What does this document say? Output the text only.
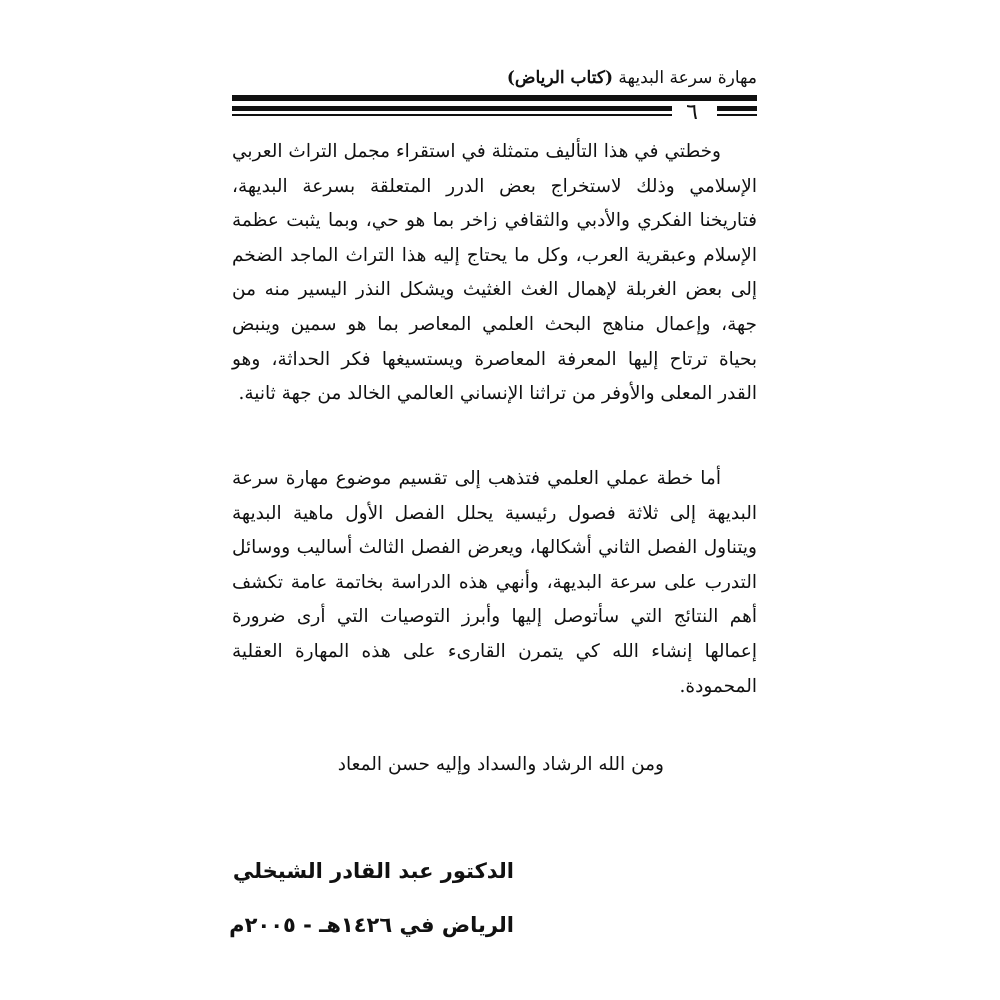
مهارة سرعة البديهة (كتاب الرياض)
٦

وخطتي في هذا التأليف متمثلة في استقراء مجمل التراث العربي الإسلامي وذلك لاستخراج بعض الدرر المتعلقة بسرعة البديهة، فتاريخنا الفكري والأدبي والثقافي زاخر بما هو حي، وبما يثبت عظمة الإسلام وعبقرية العرب، وكل ما يحتاج إليه هذا التراث الماجد الضخم إلى بعض الغربلة لإهمال الغث الغثيث ويشكل النذر اليسير منه من جهة، وإعمال مناهج البحث العلمي المعاصر بما هو سمين وينبض بحياة ترتاح إليها المعرفة المعاصرة ويستسيغها فكر الحداثة، وهو القدر المعلى والأوفر من تراثنا الإنساني العالمي الخالد من جهة ثانية.

أما خطة عملي العلمي فتذهب إلى تقسيم موضوع مهارة سرعة البديهة إلى ثلاثة فصول رئيسية يحلل الفصل الأول ماهية البديهة ويتناول الفصل الثاني أشكالها، ويعرض الفصل الثالث أساليب ووسائل التدرب على سرعة البديهة، وأنهي هذه الدراسة بخاتمة عامة تكشف أهم النتائج التي سأتوصل إليها وأبرز التوصيات التي أرى ضرورة إعمالها إنشاء الله كي يتمرن القارىء على هذه المهارة العقلية المحمودة.

ومن الله الرشاد والسداد وإليه حسن المعاد
الدكتور عبد القادر الشيخلي
الرياض في ١٤٢٦هـ - ٢٠٠٥م
